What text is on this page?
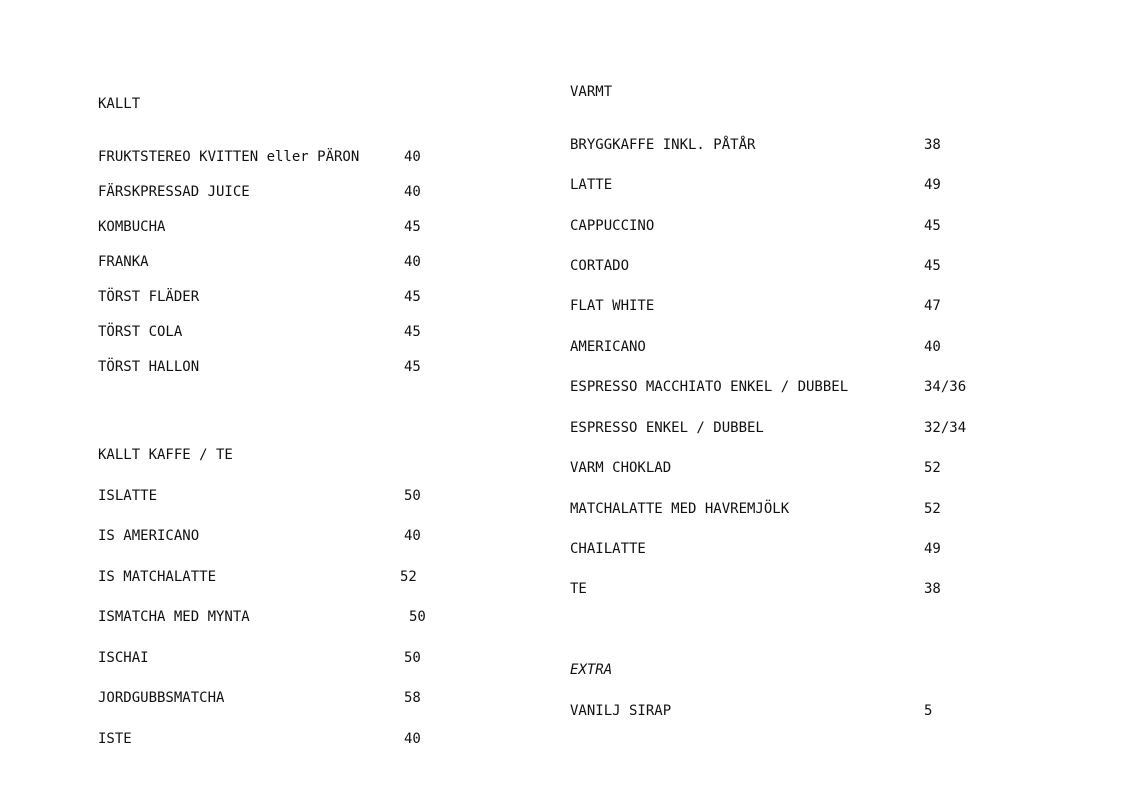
KALLT
FRUKTSTEREO KVITTEN eller PÄRON	40
FÄRSKPRESSAD JUICE	40
KOMBUCHA	45
FRANKA	40
TÖRST FLÄDER	45
TÖRST COLA	45
TÖRST HALLON	45
KALLT KAFFE / TE
ISLATTE	50
IS AMERICANO	40
IS MATCHALATTE	52
ISMATCHA MED MYNTA	50
ISCHAI	50
JORDGUBBSMATCHA	58
ISTE	40
VARMT
BRYGGKAFFE INKL. PÅTÅR	38
LATTE	49
CAPPUCCINO	45
CORTADO	45
FLAT WHITE	47
AMERICANO	40
ESPRESSO MACCHIATO ENKEL / DUBBEL	34/36
ESPRESSO ENKEL / DUBBEL	32/34
VARM CHOKLAD	52
MATCHALATTE MED HAVREMJÖLK	52
CHAILATTE	49
TE	38
EXTRA
VANILJ SIRAP	5
